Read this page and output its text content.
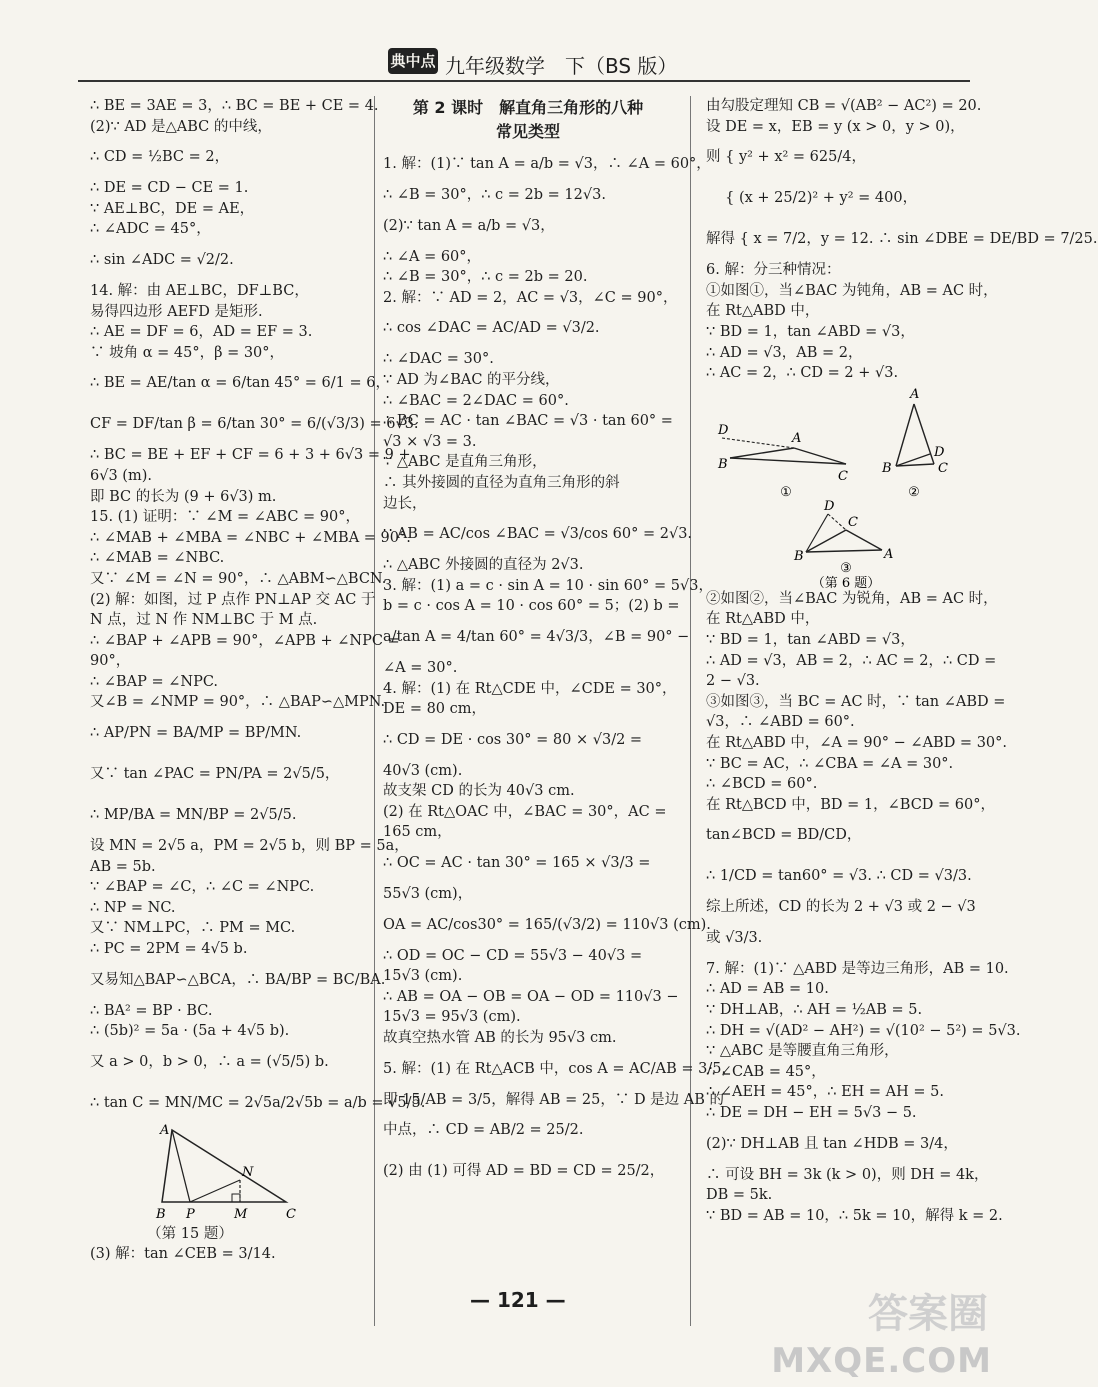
典中点 九年级数学　下（BS 版）
∴ BE = 3AE = 3，∴ BC = BE + CE = 4.
(2)∵ AD 是△ABC 的中线，
∴ CD = ½BC = 2，
∴ DE = CD − CE = 1.
∵ AE⊥BC，DE = AE，
∴ ∠ADC = 45°，
∴ sin ∠ADC = √2/2.
14. 解：由 AE⊥BC，DF⊥BC，
易得四边形 AEFD 是矩形.
∴ AE = DF = 6，AD = EF = 3.
∵ 坡角 α = 45°，β = 30°，
∴ BE = AE/tan α = 6/tan 45° = 6/1 = 6，
CF = DF/tan β = 6/tan 30° = 6/(√3/3) = 6√3.
∴ BC = BE + EF + CF = 6 + 3 + 6√3 = 9 +
6√3 (m).
即 BC 的长为 (9 + 6√3) m.
15. (1) 证明：∵ ∠M = ∠ABC = 90°，
∴ ∠MAB + ∠MBA = ∠NBC + ∠MBA = 90°.
∴ ∠MAB = ∠NBC.
又∵ ∠M = ∠N = 90°，∴ △ABM∽△BCN.
(2) 解：如图，过 P 点作 PN⊥AP 交 AC 于
N 点，过 N 作 NM⊥BC 于 M 点.
∴ ∠BAP + ∠APB = 90°，∠APB + ∠NPC =
90°，
∴ ∠BAP = ∠NPC.
又∠B = ∠NMP = 90°，∴ △BAP∽△MPN.
∴ AP/PN = BA/MP = BP/MN.
又∵ tan ∠PAC = PN/PA = 2√5/5，
∴ MP/BA = MN/BP = 2√5/5.
设 MN = 2√5 a，PM = 2√5 b，则 BP = 5a，
AB = 5b.
∵ ∠BAP = ∠C，∴ ∠C = ∠NPC.
∴ NP = NC.
又∵ NM⊥PC，∴ PM = MC.
∴ PC = 2PM = 4√5 b.
又易知△BAP∽△BCA，∴ BA/BP = BC/BA.
∴ BA² = BP · BC.
∴ (5b)² = 5a · (5a + 4√5 b).
又 a > 0，b > 0，∴ a = (√5/5) b.
∴ tan C = MN/MC = 2√5a/2√5b = a/b = √5/5.
A
B P	M
N
C
（第 15 题）
(3) 解：tan ∠CEB = 3/14.
第 2 课时　解直角三角形的八种
常见类型
1. 解：(1)∵ tan A = a/b = √3，∴ ∠A = 60°，
∴ ∠B = 30°，∴ c = 2b = 12√3.
(2)∵ tan A = a/b = √3，
∴ ∠A = 60°，
∴ ∠B = 30°，∴ c = 2b = 20.
2. 解：∵ AD = 2，AC = √3，∠C = 90°，
∴ cos ∠DAC = AC/AD = √3/2.
∴ ∠DAC = 30°.
∵ AD 为∠BAC 的平分线，
∴ ∠BAC = 2∠DAC = 60°.
∴ BC = AC · tan ∠BAC = √3 · tan 60° =
√3 × √3 = 3.
∵ △ABC 是直角三角形，
∴ 其外接圆的直径为直角三角形的斜
边长，
∵ AB = AC/cos ∠BAC = √3/cos 60° = 2√3.
∴ △ABC 外接圆的直径为 2√3.
3. 解：(1) a = c · sin A = 10 · sin 60° = 5√3，
b = c · cos A = 10 · cos 60° = 5；(2) b =
a/tan A = 4/tan 60° = 4√3/3，∠B = 90° −
∠A = 30°.
4. 解：(1) 在 Rt△CDE 中，∠CDE = 30°，
DE = 80 cm，
∴ CD = DE · cos 30° = 80 × √3/2 =
40√3 (cm).
故支架 CD 的长为 40√3 cm.
(2) 在 Rt△OAC 中，∠BAC = 30°，AC =
165 cm，
∴ OC = AC · tan 30° = 165 × √3/3 =
55√3 (cm)，
OA = AC/cos30° = 165/(√3/2) = 110√3 (cm).
∴ OD = OC − CD = 55√3 − 40√3 =
15√3 (cm).
∴ AB = OA − OB = OA − OD = 110√3 −
15√3 = 95√3 (cm).
故真空热水管 AB 的长为 95√3 cm.
5. 解：(1) 在 Rt△ACB 中，cos A = AC/AB = 3/5，
即 15/AB = 3/5，解得 AB = 25，∵ D 是边 AB 的
中点，∴ CD = AB/2 = 25/2.
(2) 由 (1) 可得 AD = BD = CD = 25/2，
由勾股定理知 CB = √(AB² − AC²) = 20.
设 DE = x，EB = y (x > 0，y > 0)，
则 { y² + x² = 625/4，
　 { (x + 25/2)² + y² = 400，
解得 { x = 7/2，y = 12. ∴ sin ∠DBE = DE/BD = 7/25.
6. 解：分三种情况：
①如图①，当∠BAC 为钝角，AB = AC 时，
在 Rt△ABD 中，
∵ BD = 1，tan ∠ABD = √3，
∴ AD = √3，AB = 2，
∴ AC = 2，∴ CD = 2 + √3.
D
A
B
C
①
A
B
D
C
②
D
C
B	A
③
（第 6 题）
②如图②，当∠BAC 为锐角，AB = AC 时，
在 Rt△ABD 中，
∵ BD = 1，tan ∠ABD = √3，
∴ AD = √3，AB = 2，∴ AC = 2，∴ CD =
2 − √3.
③如图③，当 BC = AC 时，∵ tan ∠ABD =
√3，∴ ∠ABD = 60°.
在 Rt△ABD 中，∠A = 90° − ∠ABD = 30°.
∵ BC = AC，∴ ∠CBA = ∠A = 30°.
∴ ∠BCD = 60°.
在 Rt△BCD 中，BD = 1，∠BCD = 60°，
tan∠BCD = BD/CD，
∴ 1/CD = tan60° = √3. ∴ CD = √3/3.
综上所述，CD 的长为 2 + √3 或 2 − √3
或 √3/3.
7. 解：(1)∵ △ABD 是等边三角形，AB = 10.
∴ AD = AB = 10.
∵ DH⊥AB，∴ AH = ½AB = 5.
∴ DH = √(AD² − AH²) = √(10² − 5²) = 5√3.
∵ △ABC 是等腰直角三角形，
∴ ∠CAB = 45°，
∴ ∠AEH = 45°，∴ EH = AH = 5.
∴ DE = DH − EH = 5√3 − 5.
(2)∵ DH⊥AB 且 tan ∠HDB = 3/4，
∴ 可设 BH = 3k (k > 0)，则 DH = 4k，
DB = 5k.
∵ BD = AB = 10，∴ 5k = 10，解得 k = 2.
— 121 —	答案圈
MXQE.COM
